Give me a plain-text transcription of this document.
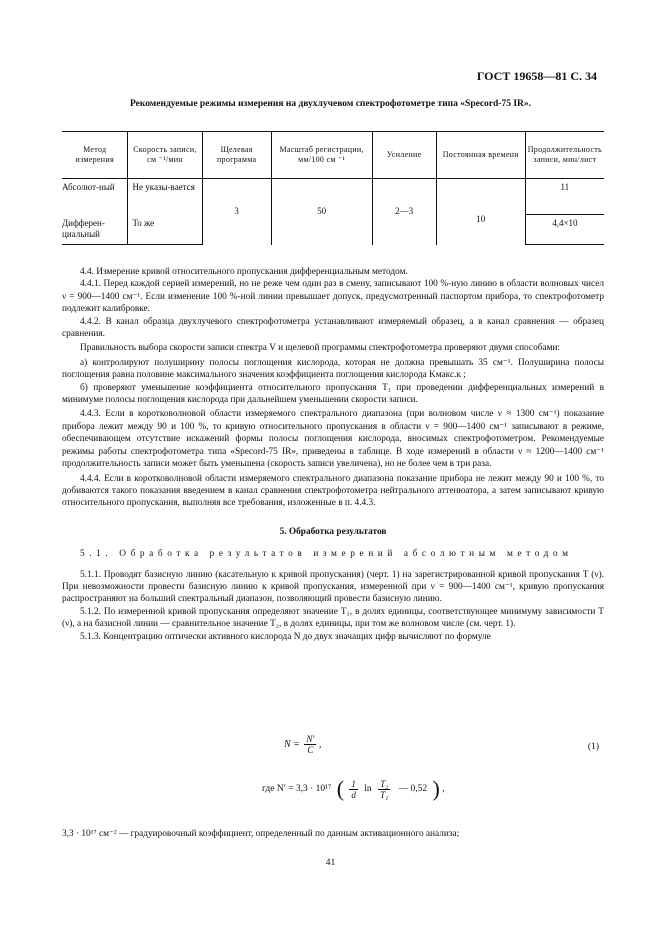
ГОСТ 19658—81 С. 34
Рекомендуемые режимы измерения на двухлучевом спектрофотометре типа «Specord-75 IR».
Метод измерения	Скорость записи, см ⁻¹/мин	Щелевая программа	Масштаб регистрации, мм/100 см ⁻¹	Усиление	Постоянная времени	Продолжительность записи, мин/лист
Абсолют-ный	Не указы-вается	3	50	2—3	10	11
Дифферен-циальный	То же					4,4×10

4.4. Измерение кривой относительного пропускания дифференциальным методом.

4.4.1. Перед каждой серией измерений, но не реже чем один раз в смену, записывают 100 %-ную линию в области волновых чисел ν = 900—1400 см⁻¹. Если изменение 100 %-ной линии превышает допуск, предусмотренный паспортом прибора, то спектрофотометр подлежит калибровке.

4.4.2. В канал образца двухлучевого спектрофотометра устанавливают измеряемый образец, а в канал сравнения — образец сравнения.

Правильность выбора скорости записи спектра V и щелевой программы спектрофотометра проверяют двумя способами:

а) контролируют полуширину полосы поглощения кислорода, которая не должна превышать 35 см⁻¹. Полуширина полосы поглощения равна половине максимального значения коэффициента поглощения кислорода Kмакс.к ;

б) проверяют уменьшение коэффициента относительного пропускания T₁ при проведении дифференциальных измерений в минимуме полосы поглощения кислорода при дальнейшем уменьшении скорости записи.

4.4.3. Если в коротковолновой области измеряемого спектрального диапазона (при волновом числе ν ≈ 1300 см⁻¹) показание прибора лежит между 90 и 100 %, то кривую относительного пропускания в области ν = 900—1400 см⁻¹ записывают в режиме, обеспечивающем отсутствие искажений формы полосы поглощения кислорода, вносимых спектрофотометром. Рекомендуемые режимы работы спектрофотометра типа «Specord-75 IR», приведены в таблице. В ходе измерений в области ν ≈ 1200—1400 см⁻¹ продолжительность записи может быть уменьшена (скорость записи увеличена), но не более чем в три раза.

4.4.4. Если в коротковолновой области измеряемого спектрального диапазона показание прибора не лежит между 90 и 100 %, то добиваются такого показания введением в канал сравнения спектрофотометра нейтрального аттенюатора, а затем записывают кривую относительного пропускания, выполняя все требования, изложенные в п. 4.4.3.

5. Обработка результатов

5.1. Обработка результатов измерений абсолютным методом

5.1.1. Проводят базисную линию (касательную к кривой пропускания) (черт. 1) на зарегистрированной кривой пропускания T (ν). При невозможности провести базисную линию к кривой пропускания, измеренной при ν = 900—1400 см⁻¹, кривую пропускания распространяют на больший спектральный диапазон, позволяющий провести базисную линию.

5.1.2. По измеренной кривой пропускания определяют значение T₁, в долях единицы, соответствующее минимуму зависимости T (ν), а на базисной линии — сравнительное значение T₂, в долях единицы, при том же волновом числе (см. черт. 1).

5.1.3. Концентрацию оптически активного кислорода N до двух значащих цифр вычисляют по формуле

$N = \frac{N'}{C}$ ,	(1)
где N′ = 3,3 · 10¹⁷ ( $\frac{1}{d}$ $\ln \frac{\text{T₂}}{\text{T₁}}$ — 0,52 ) ,
3,3 · 10¹⁷ см⁻² — градуировочный коэффициент, определенный по данным активационного анализа;
41
